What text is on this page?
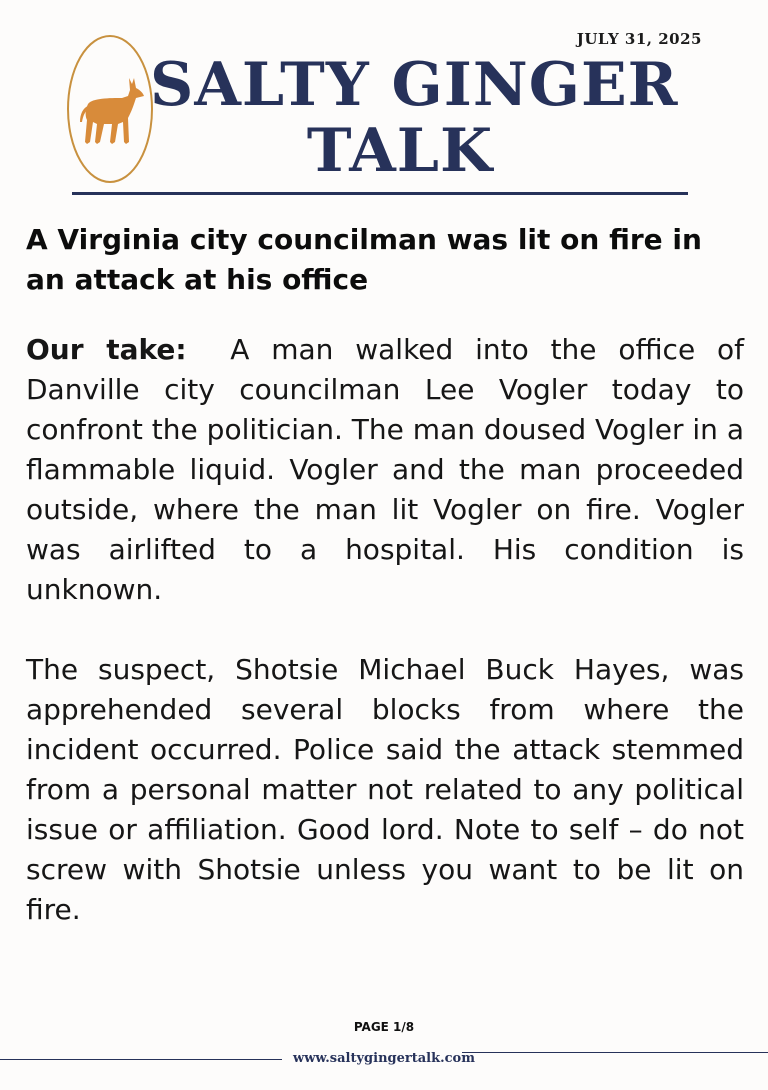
JULY 31, 2025
SALTY GINGER
TALK
A Virginia city councilman was lit on fire in an attack at his office

Our take: A man walked into the office of Danville city councilman Lee Vogler today to confront the politician. The man doused Vogler in a flammable liquid. Vogler and the man proceeded outside, where the man lit Vogler on fire. Vogler was airlifted to a hospital. His condition is unknown.

The suspect, Shotsie Michael Buck Hayes, was apprehended several blocks from where the incident occurred. Police said the attack stemmed from a personal matter not related to any political issue or affiliation. Good lord. Note to self – do not screw with Shotsie unless you want to be lit on fire.

PAGE 1/8
www.saltygingertalk.com
